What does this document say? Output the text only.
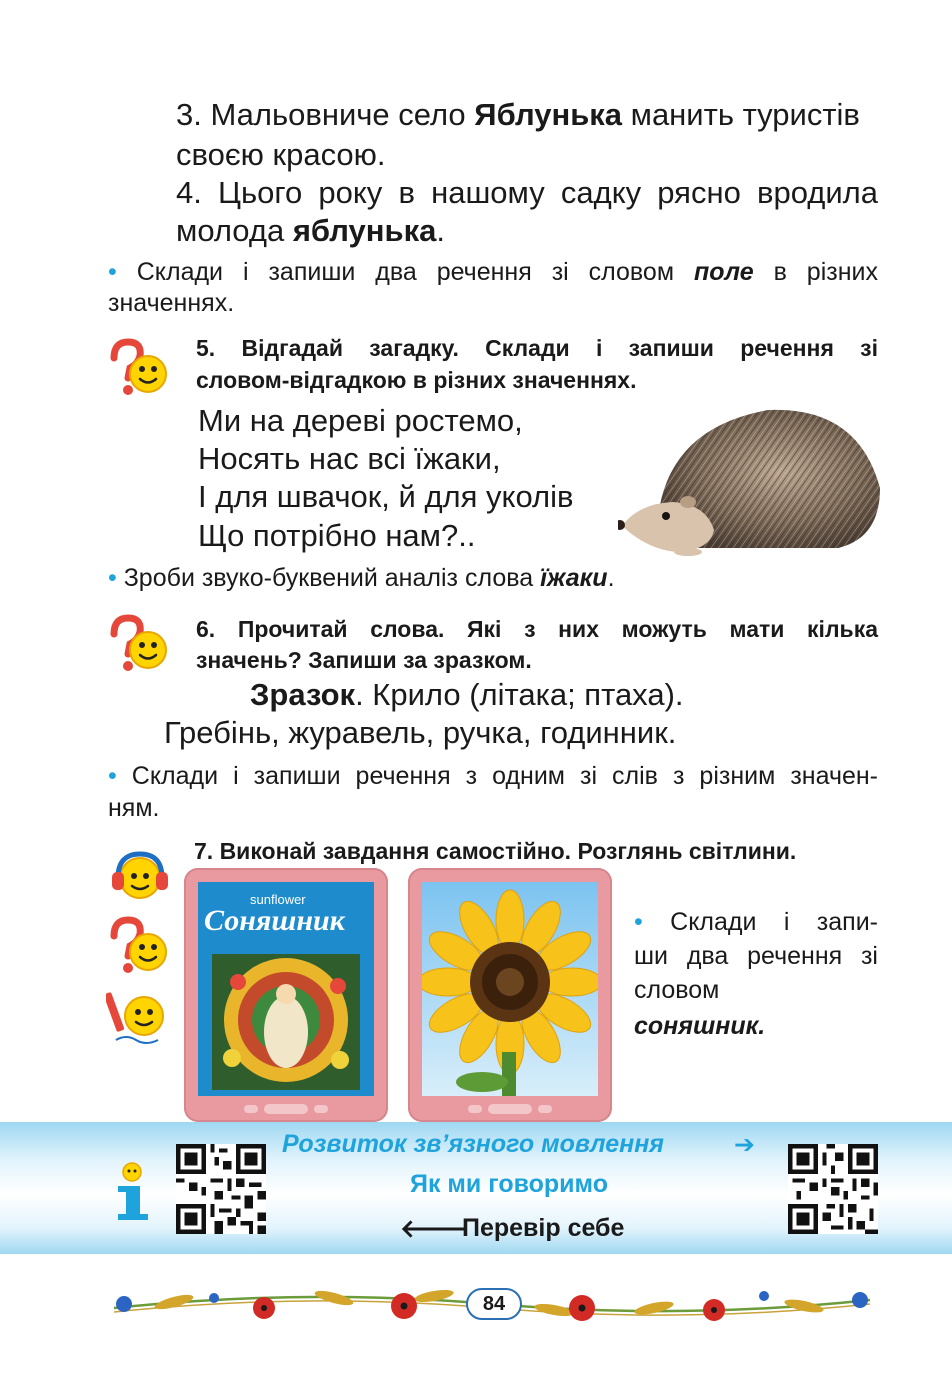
3. Мальовниче село Яблунька манить туристів
своєю красою.
4. Цього року в нашому садку рясно вродила
молода яблунька.
• Склади і запиши два речення зі словом поле в різних
значеннях.
5. Відгадай загадку. Склади і запиши речення зі
словом-відгадкою в різних значеннях.
Ми на дереві ростемо,
Носять нас всі їжаки,
І для швачок, й для уколів
Що потрібно нам?..
• Зроби звуко-буквений аналіз слова їжаки.
6. Прочитай слова. Які з них можуть мати кілька
значень? Запиши за зразком.
Зразок. Крило (літака; птаха).
Гребінь, журавель, ручка, годинник.
• Склади і запиши речення з одним зі слів з різним значен-
ням.
7. Виконай завдання самостійно. Розглянь світлини.
sunflower
Соняшник	• Склади і запи-
ши два речення зі
словом
соняшник.
Розвиток зв’язного мовлення	➔
Як ми говоримо
🡐
Перевір себе
84
